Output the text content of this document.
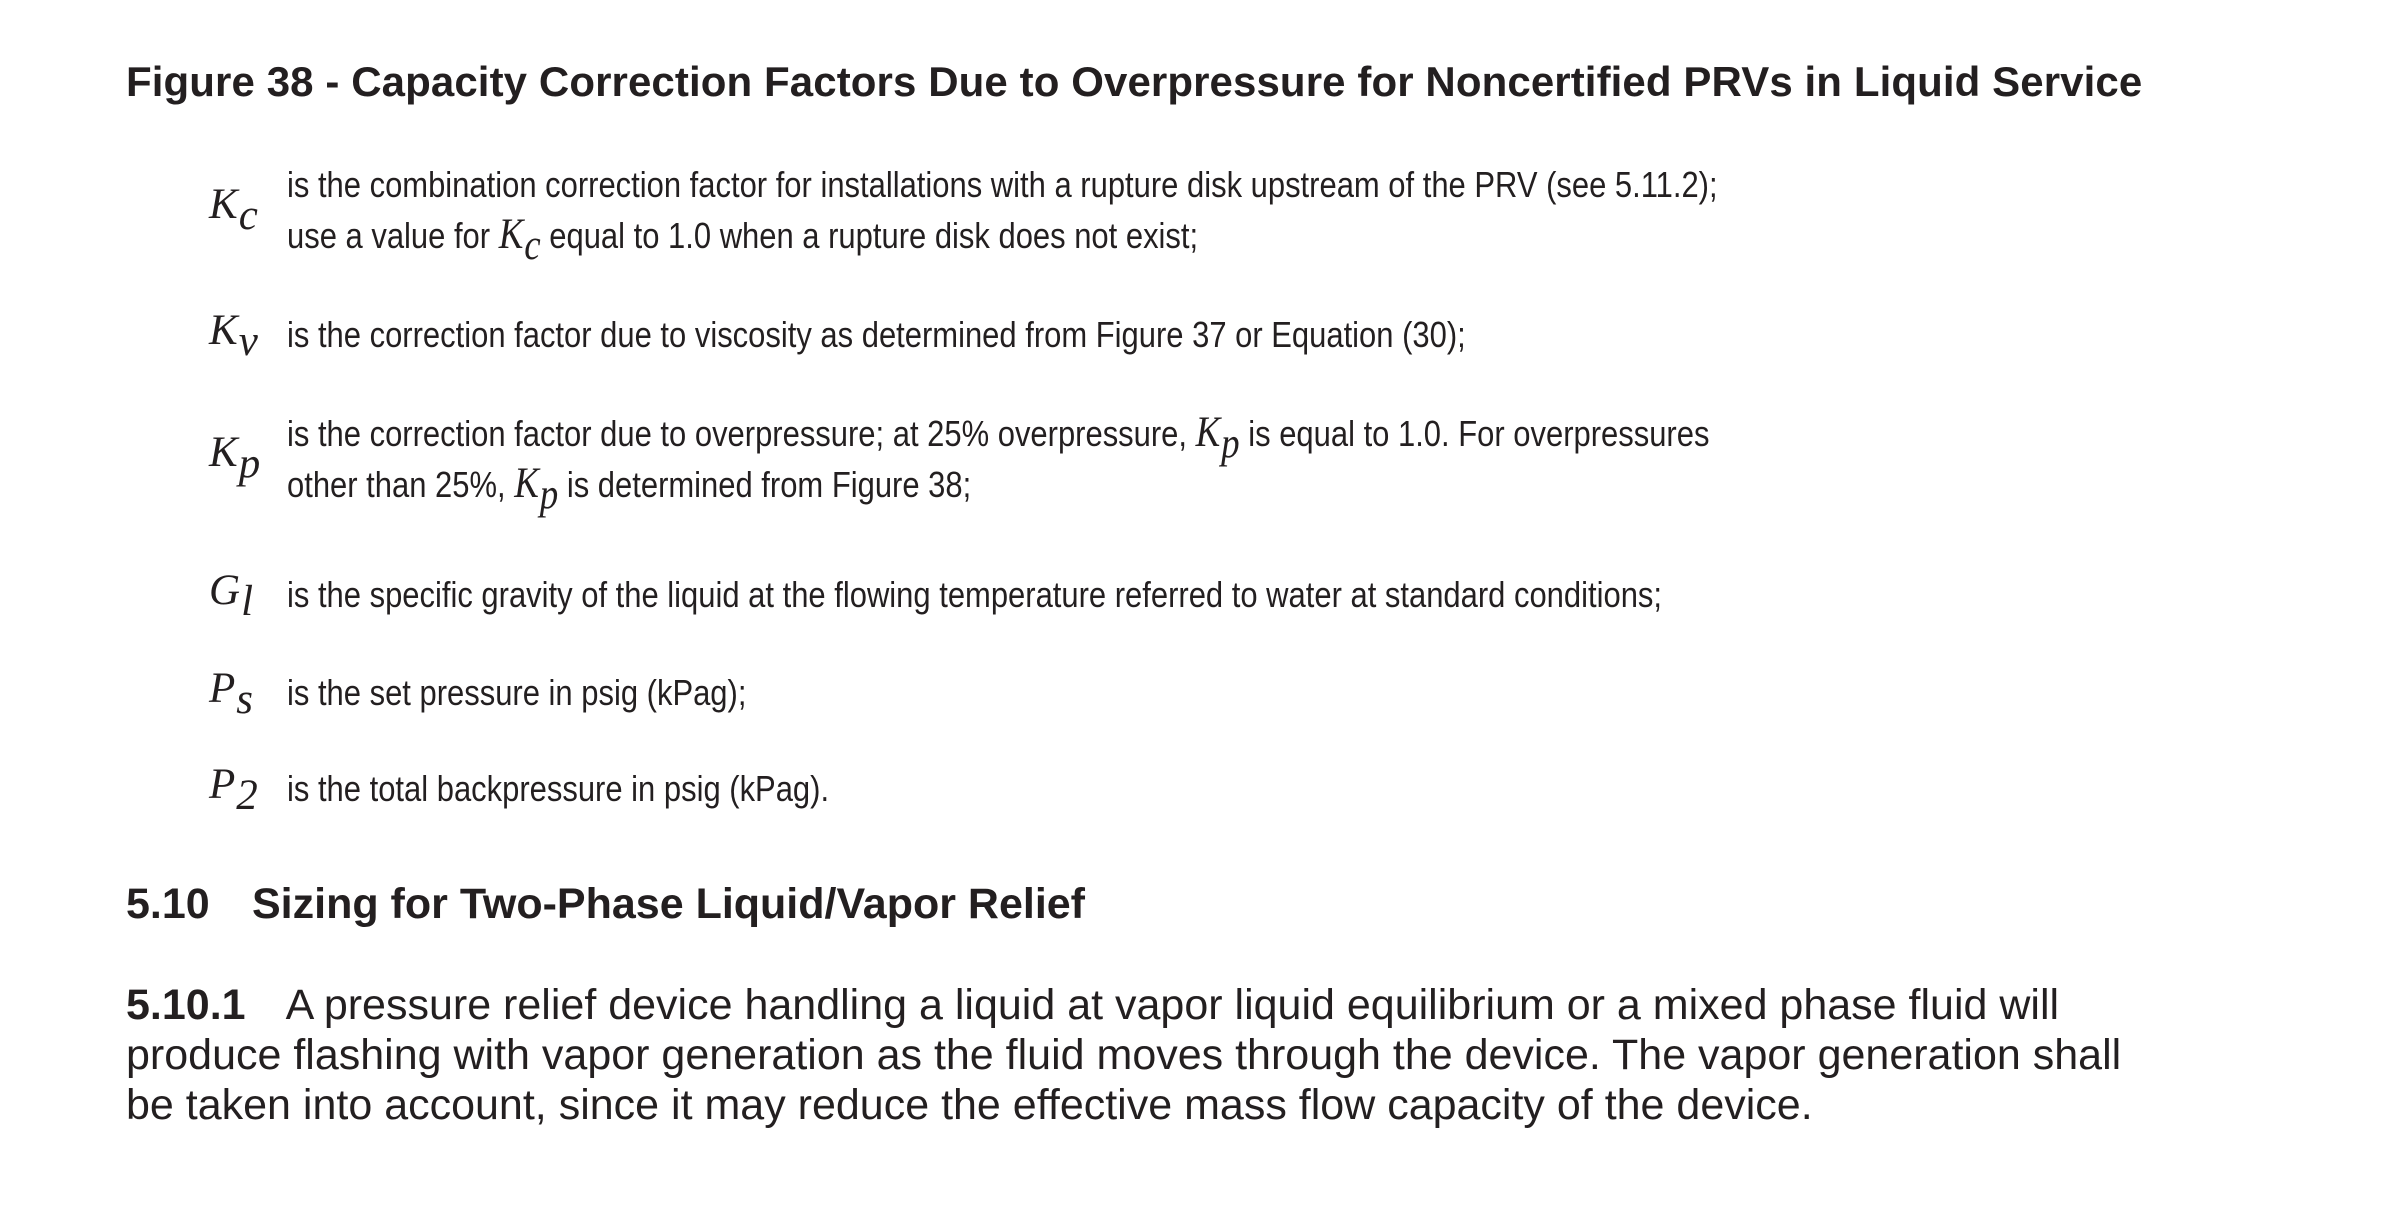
Figure 38 - Capacity Correction Factors Due to Overpressure for Noncertified PRVs in Liquid Service
Kc
is the combination correction factor for installations with a rupture disk upstream of the PRV (see 5.11.2);
use a value for Kc equal to 1.0 when a rupture disk does not exist;
Kv is the correction factor due to viscosity as determined from Figure 37 or Equation (30);
Kp
is the correction factor due to overpressure; at 25% overpressure, Kp is equal to 1.0. For overpressures
other than 25%, Kp is determined from Figure 38;
Gl is the specific gravity of the liquid at the flowing temperature referred to water at standard conditions;
Ps is the set pressure in psig (kPag);
P2 is the total backpressure in psig (kPag).
5.10 Sizing for Two-Phase Liquid/Vapor Relief
5.10.1 A pressure relief device handling a liquid at vapor liquid equilibrium or a mixed phase fluid will
produce flashing with vapor generation as the fluid moves through the device. The vapor generation shall
be taken into account, since it may reduce the effective mass flow capacity of the device.
